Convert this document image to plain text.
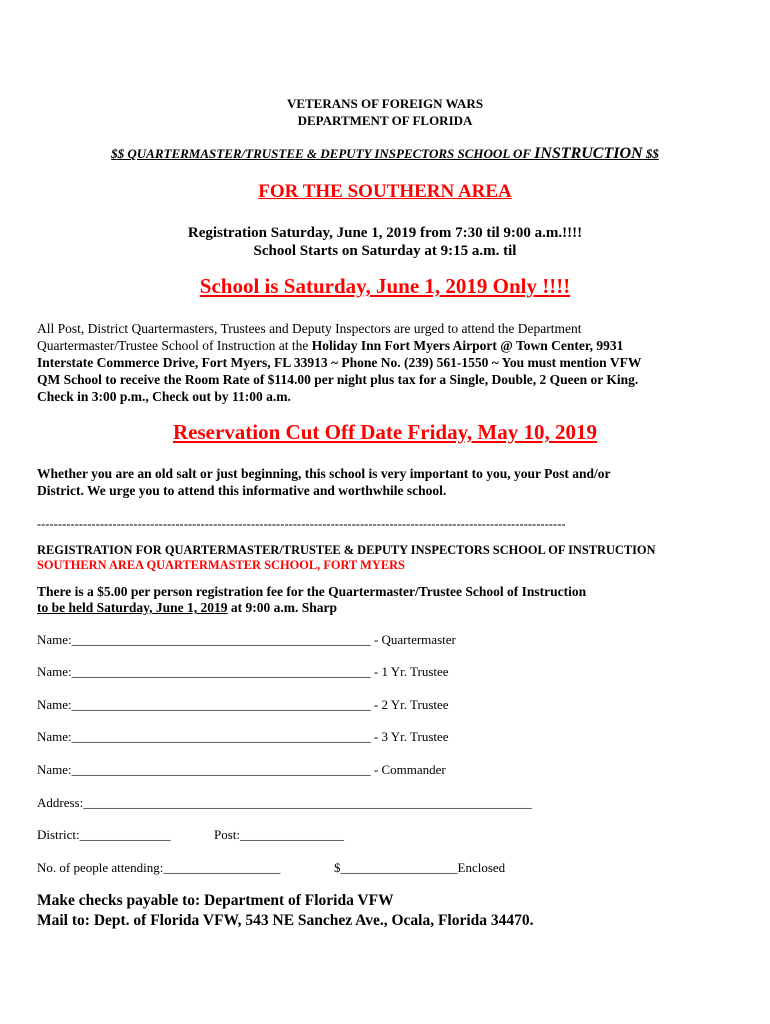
VETERANS OF FOREIGN WARS
DEPARTMENT OF FLORIDA
$$ QUARTERMASTER/TRUSTEE & DEPUTY INSPECTORS SCHOOL OF INSTRUCTION $$
FOR THE SOUTHERN AREA
Registration Saturday, June 1, 2019 from 7:30 til 9:00 a.m.!!!!
School Starts on Saturday at 9:15 a.m. til
School is Saturday, June 1, 2019 Only !!!!
All Post, District Quartermasters, Trustees and Deputy Inspectors are urged to attend the Department
Quartermaster/Trustee School of Instruction at the Holiday Inn Fort Myers Airport @ Town Center, 9931
Interstate Commerce Drive, Fort Myers, FL 33913 ~ Phone No. (239) 561-1550 ~ You must mention VFW
QM School to receive the Room Rate of $114.00 per night plus tax for a Single, Double, 2 Queen or King.
Check in 3:00 p.m., Check out by 11:00 a.m.
Reservation Cut Off Date Friday, May 10, 2019
Whether you are an old salt or just beginning, this school is very important to you, your Post and/or
District. We urge you to attend this informative and worthwhile school.
------------------------------------------------------------------------------------------------------------------------------
REGISTRATION FOR QUARTERMASTER/TRUSTEE & DEPUTY INSPECTORS SCHOOL OF INSTRUCTION
SOUTHERN AREA QUARTERMASTER SCHOOL, FORT MYERS
There is a $5.00 per person registration fee for the Quartermaster/Trustee School of Instruction
to be held Saturday, June 1, 2019 at 9:00 a.m. Sharp
Name:______________________________________________ - Quartermaster
Name:______________________________________________ - 1 Yr. Trustee
Name:______________________________________________ - 2 Yr. Trustee
Name:______________________________________________ - 3 Yr. Trustee
Name:______________________________________________ - Commander
Address:_____________________________________________________________________
District:______________	Post:________________
No. of people attending:__________________	$__________________Enclosed
Make checks payable to: Department of Florida VFW
Mail to: Dept. of Florida VFW, 543 NE Sanchez Ave., Ocala, Florida 34470.
